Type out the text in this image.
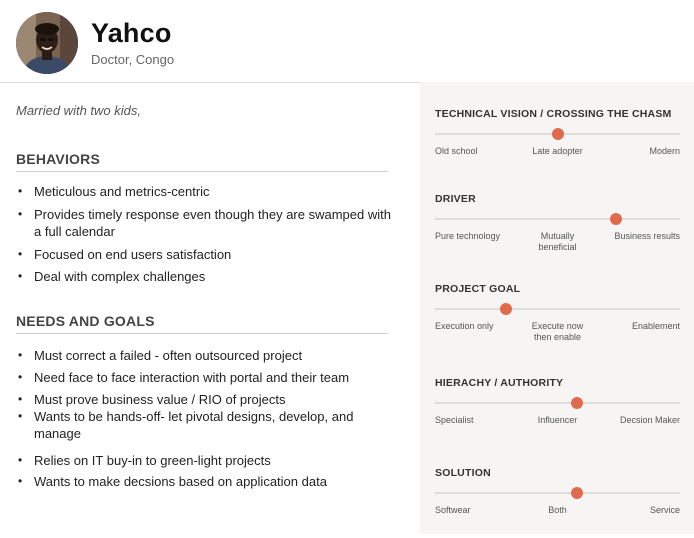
Yahco
Doctor, Congo
Married with two kids,
BEHAVIORS
• Meticulous and metrics-centric
• Provides timely response even though they are swamped with a full calendar
• Focused on end users satisfaction
• Deal with complex challenges
NEEDS AND GOALS
• Must correct a failed - often outsourced project
• Need face to face interaction with portal and their team
• Must prove business value / RIO of projects
• Wants to be hands-off- let pivotal designs, develop, and manage
• Relies on IT buy-in to green-light projects
• Wants to make decsions based on application data
TECHNICAL VISION / CROSSING THE CHASM
Old school	Late adopter	Modern
DRIVER
Pure technology	Mutually beneficial
Business results
PROJECT GOAL
Execution only	Execute now then enable
Enablement
HIERACHY / AUTHORITY
Specialist	Influencer	Decsion Maker
SOLUTION
Softwear	Both	Service
